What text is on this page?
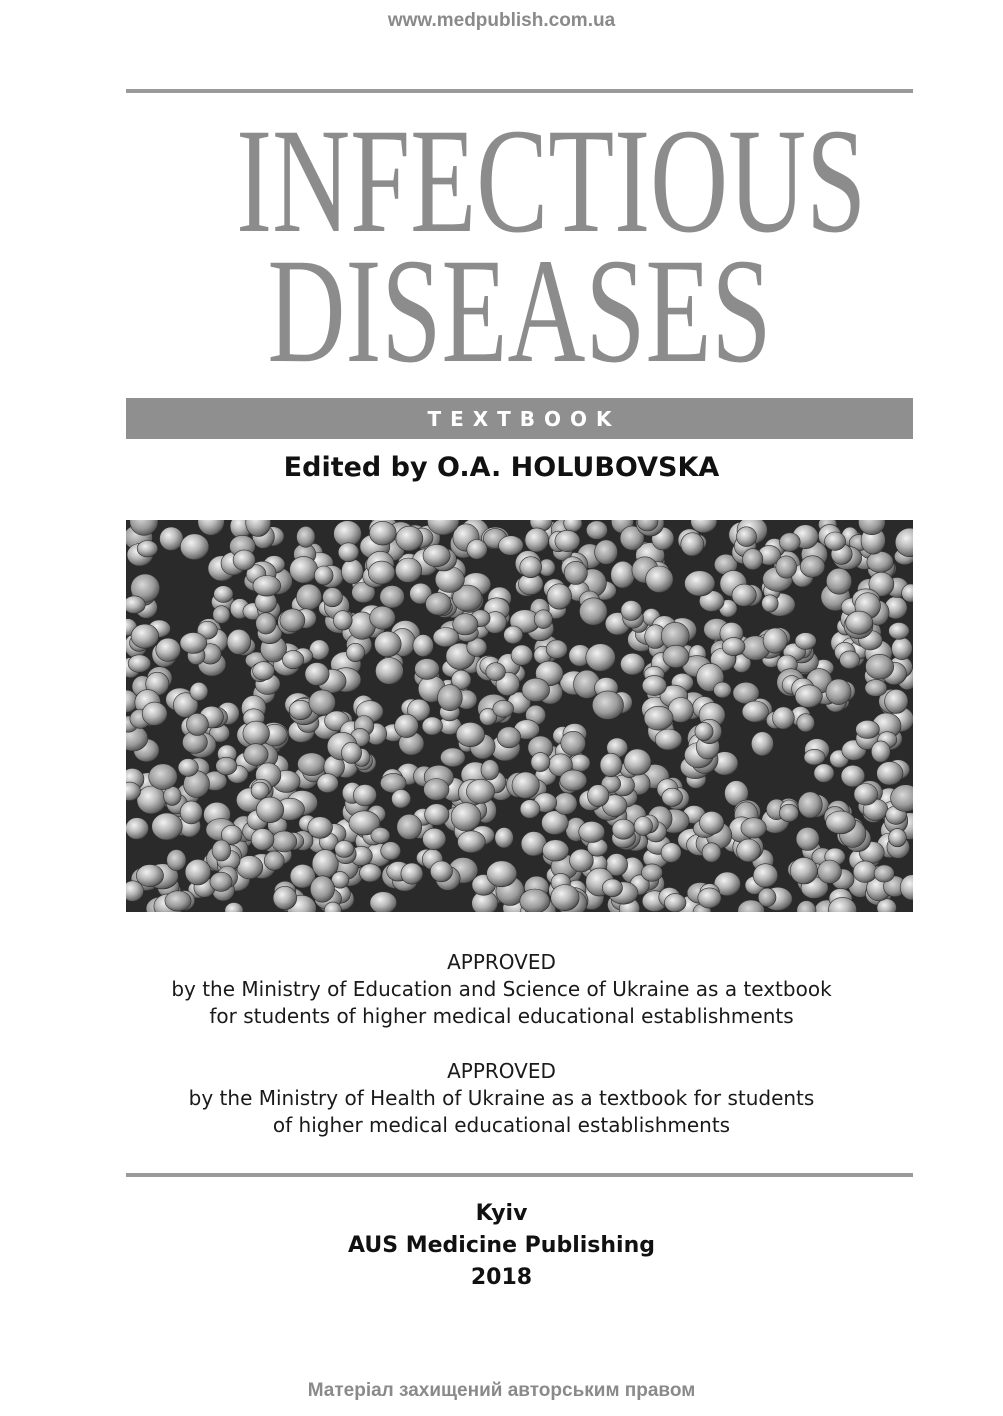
www.medpublish.com.ua
INFECTIOUS
DISEASES
TEXTBOOK
Edited by O.A. HOLUBOVSKA
APPROVED
by the Ministry of Education and Science of Ukraine as a textbook
for students of higher medical educational establishments
APPROVED
by the Ministry of Health of Ukraine as a textbook for students
of higher medical educational establishments
Kyiv
AUS Medicine Publishing
2018
Матеріал захищений авторським правом
